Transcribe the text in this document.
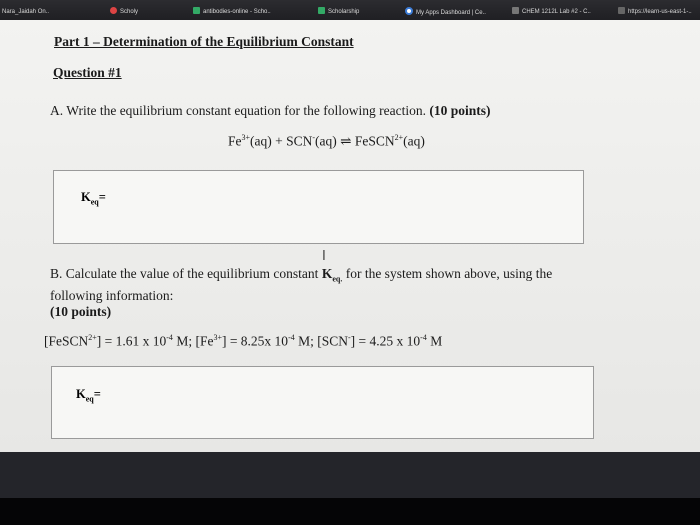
Nara_Jaidah On..	Scholy	antibodies-online - Scho..	Scholarship	My Apps Dashboard | Ce..	CHEM 1212L Lab #2 - C..	https://learn-us-east-1-..
Part 1 – Determination of the Equilibrium Constant
Question #1
A. Write the equilibrium constant equation for the following reaction. (10 points)
$Fe^{3+}(aq) + SCN^-(aq)$ ⇌ FeSCN$^{2+}$(aq)
$K_{eq}=$
I
B. Calculate the value of the equilibrium constant $K_{eq.}$ for the system shown above, using the
following information:
(10 points)
[FeSCN$^{2+}$] = 1.61 x $10^{-4}$ M; $[Fe^{3+}] = 8.25x$ $10^{-4}$ M; [SCN-] = 4.25 x $10^{-4}$ M
$K_{eq}=$
